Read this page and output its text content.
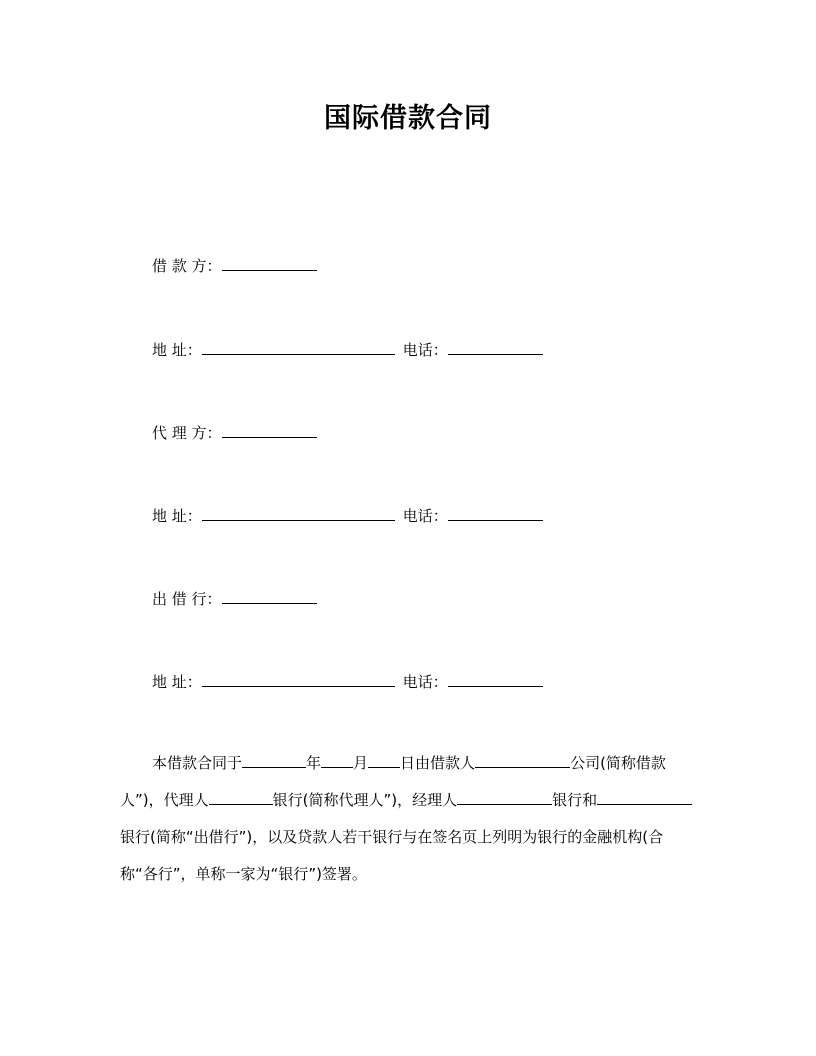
国际借款合同
借 款 方：
地 址：	电话：
代 理 方：
地 址：	电话：
出 借 行：
地 址：	电话：
本借款合同于	年 月 日由借款人	公司(简称借款
人”)，代理人	银行(简称代理人”)，经理人	银行和
银行(简称“出借行”)，以及贷款人若干银行与在签名页上列明为银行的金融机构(合
称“各行”，单称一家为“银行”)签署。
